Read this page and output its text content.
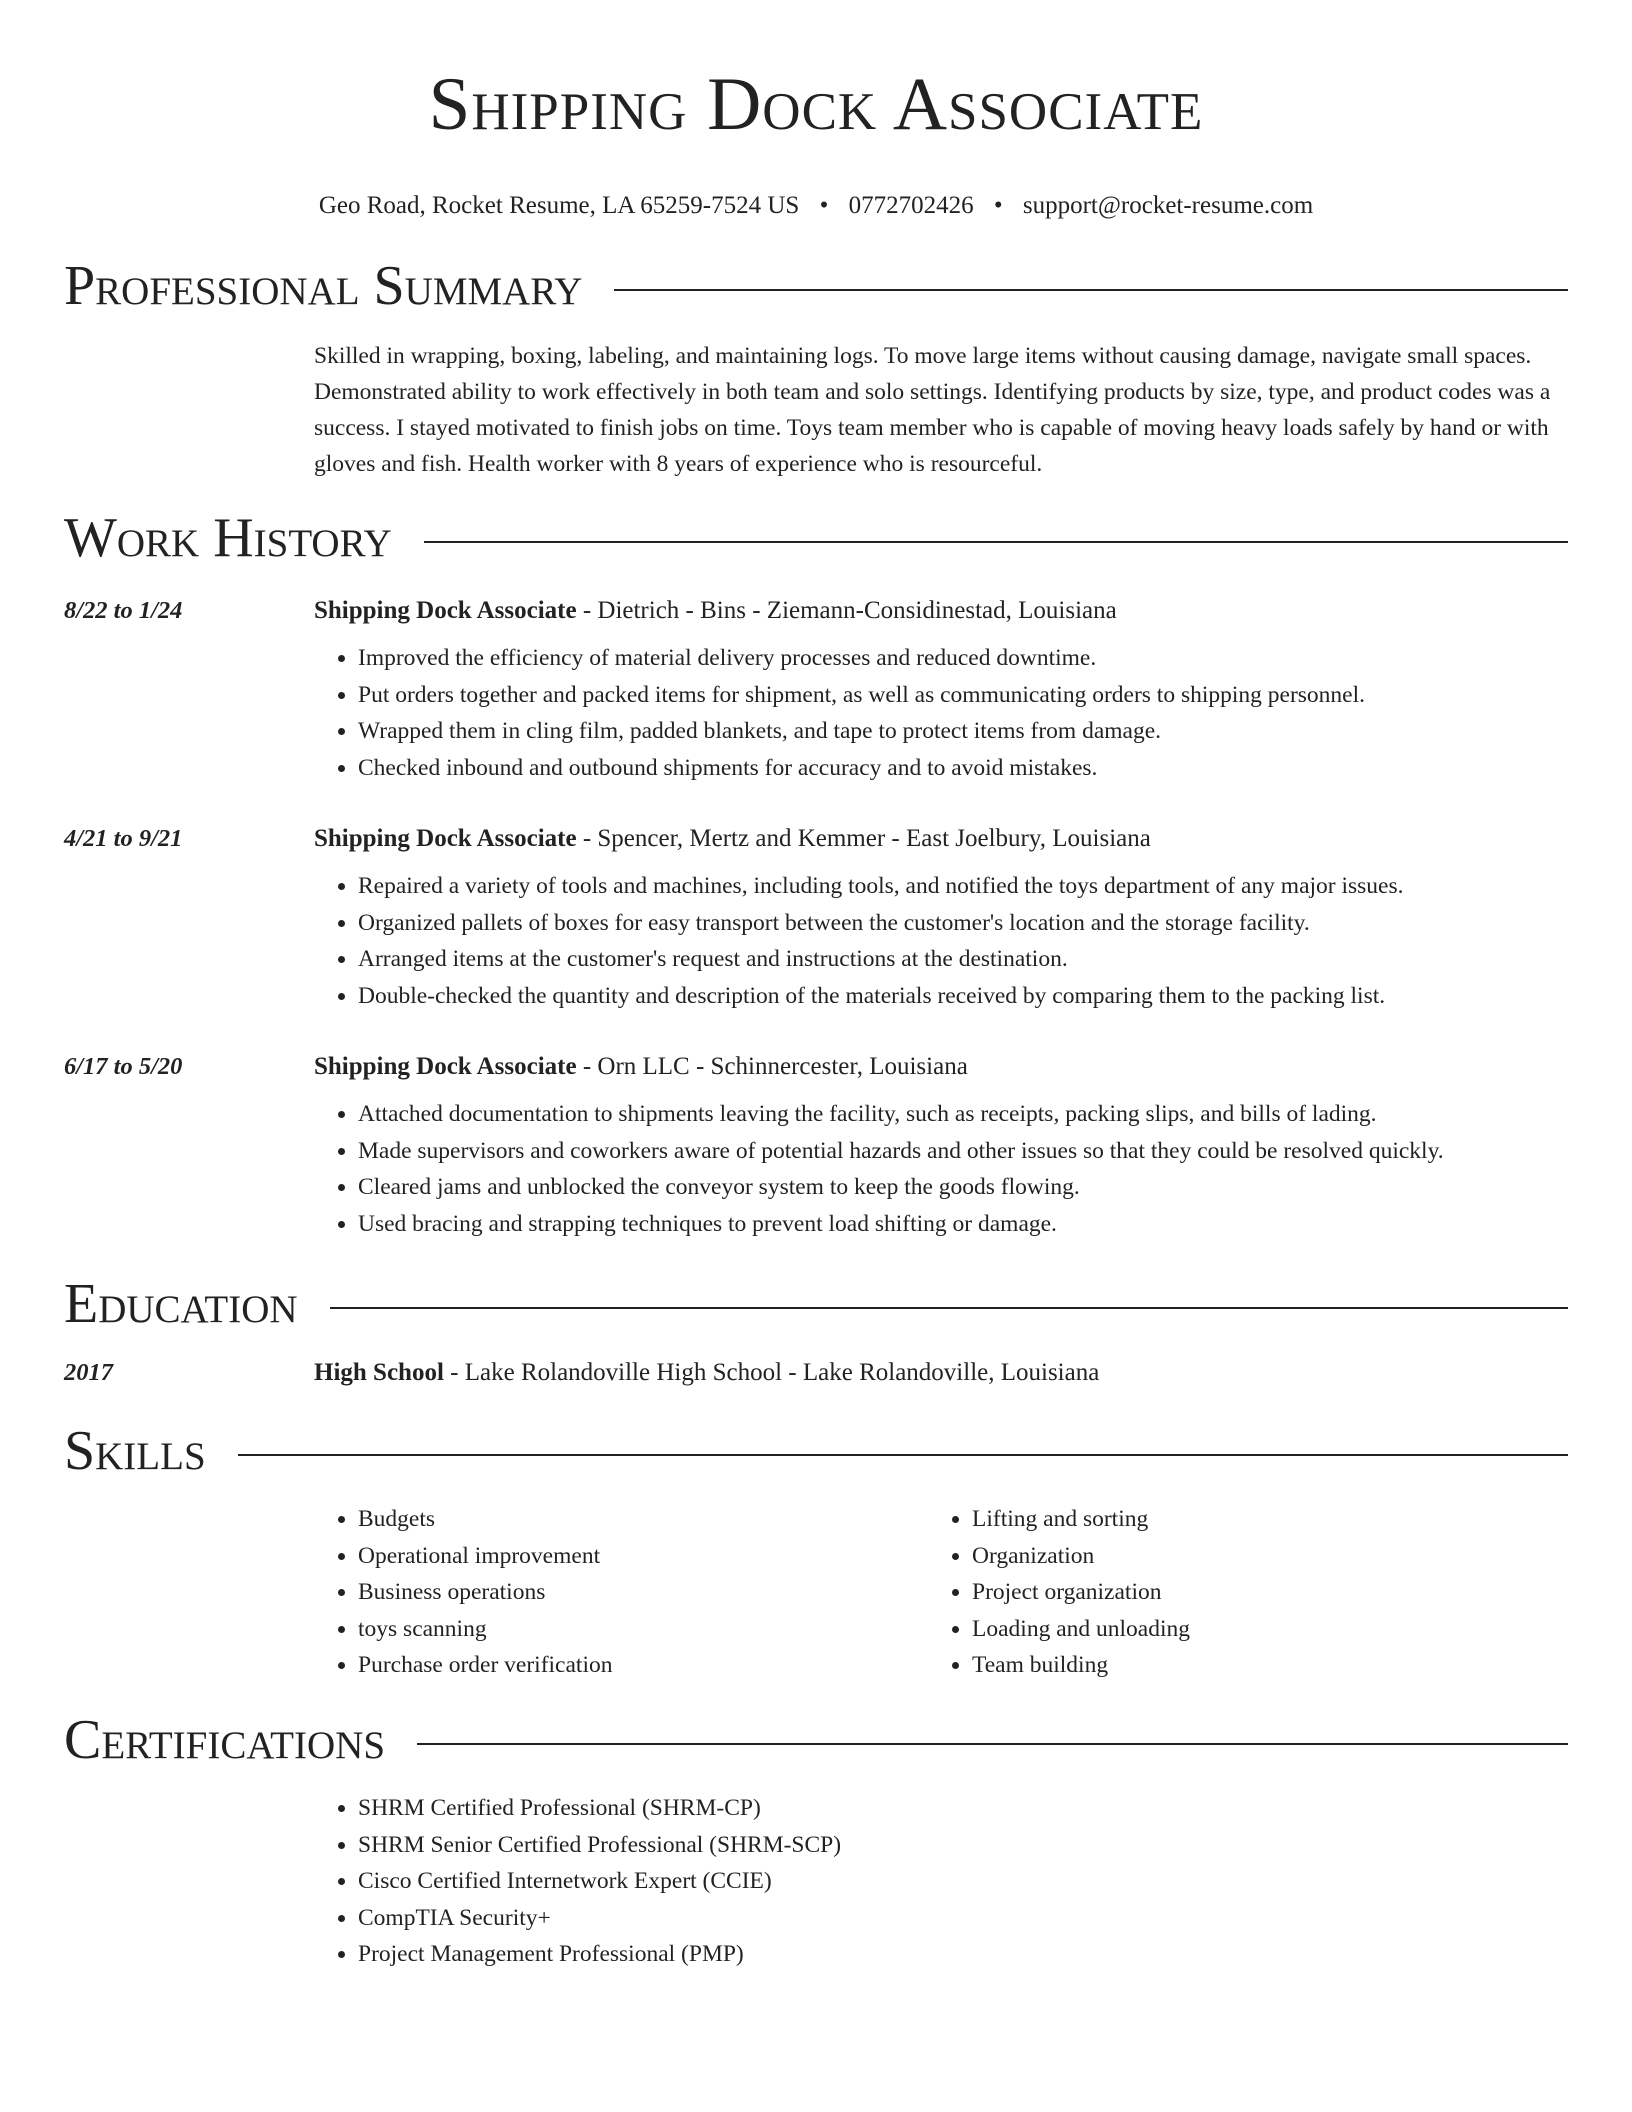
Shipping Dock Associate
Geo Road, Rocket Resume, LA 65259-7524 US • 0772702426 • support@rocket-resume.com
Professional Summary

Skilled in wrapping, boxing, labeling, and maintaining logs. To move large items without causing damage, navigate small spaces. Demonstrated ability to work effectively in both team and solo settings. Identifying products by size, type, and product codes was a success. I stayed motivated to finish jobs on time. Toys team member who is capable of moving heavy loads safely by hand or with gloves and fish. Health worker with 8 years of experience who is resourceful.

Work History
8/22 to 1/24	Shipping Dock Associate - Dietrich - Bins - Ziemann-Considinestad, Louisiana
• Improved the efficiency of material delivery processes and reduced downtime.
• Put orders together and packed items for shipment, as well as communicating orders to shipping personnel.
• Wrapped them in cling film, padded blankets, and tape to protect items from damage.
• Checked inbound and outbound shipments for accuracy and to avoid mistakes.
4/21 to 9/21	Shipping Dock Associate - Spencer, Mertz and Kemmer - East Joelbury, Louisiana
• Repaired a variety of tools and machines, including tools, and notified the toys department of any major issues.
• Organized pallets of boxes for easy transport between the customer's location and the storage facility.
• Arranged items at the customer's request and instructions at the destination.
• Double-checked the quantity and description of the materials received by comparing them to the packing list.
6/17 to 5/20	Shipping Dock Associate - Orn LLC - Schinnercester, Louisiana
• Attached documentation to shipments leaving the facility, such as receipts, packing slips, and bills of lading.
• Made supervisors and coworkers aware of potential hazards and other issues so that they could be resolved quickly.
• Cleared jams and unblocked the conveyor system to keep the goods flowing.
• Used bracing and strapping techniques to prevent load shifting or damage.
Education
2017	High School - Lake Rolandoville High School - Lake Rolandoville, Louisiana
Skills
• Budgets
• Operational improvement
• Business operations
• toys scanning
• Purchase order verification
• Lifting and sorting
• Organization
• Project organization
• Loading and unloading
• Team building
Certifications
• SHRM Certified Professional (SHRM-CP)
• SHRM Senior Certified Professional (SHRM-SCP)
• Cisco Certified Internetwork Expert (CCIE)
• CompTIA Security+
• Project Management Professional (PMP)
